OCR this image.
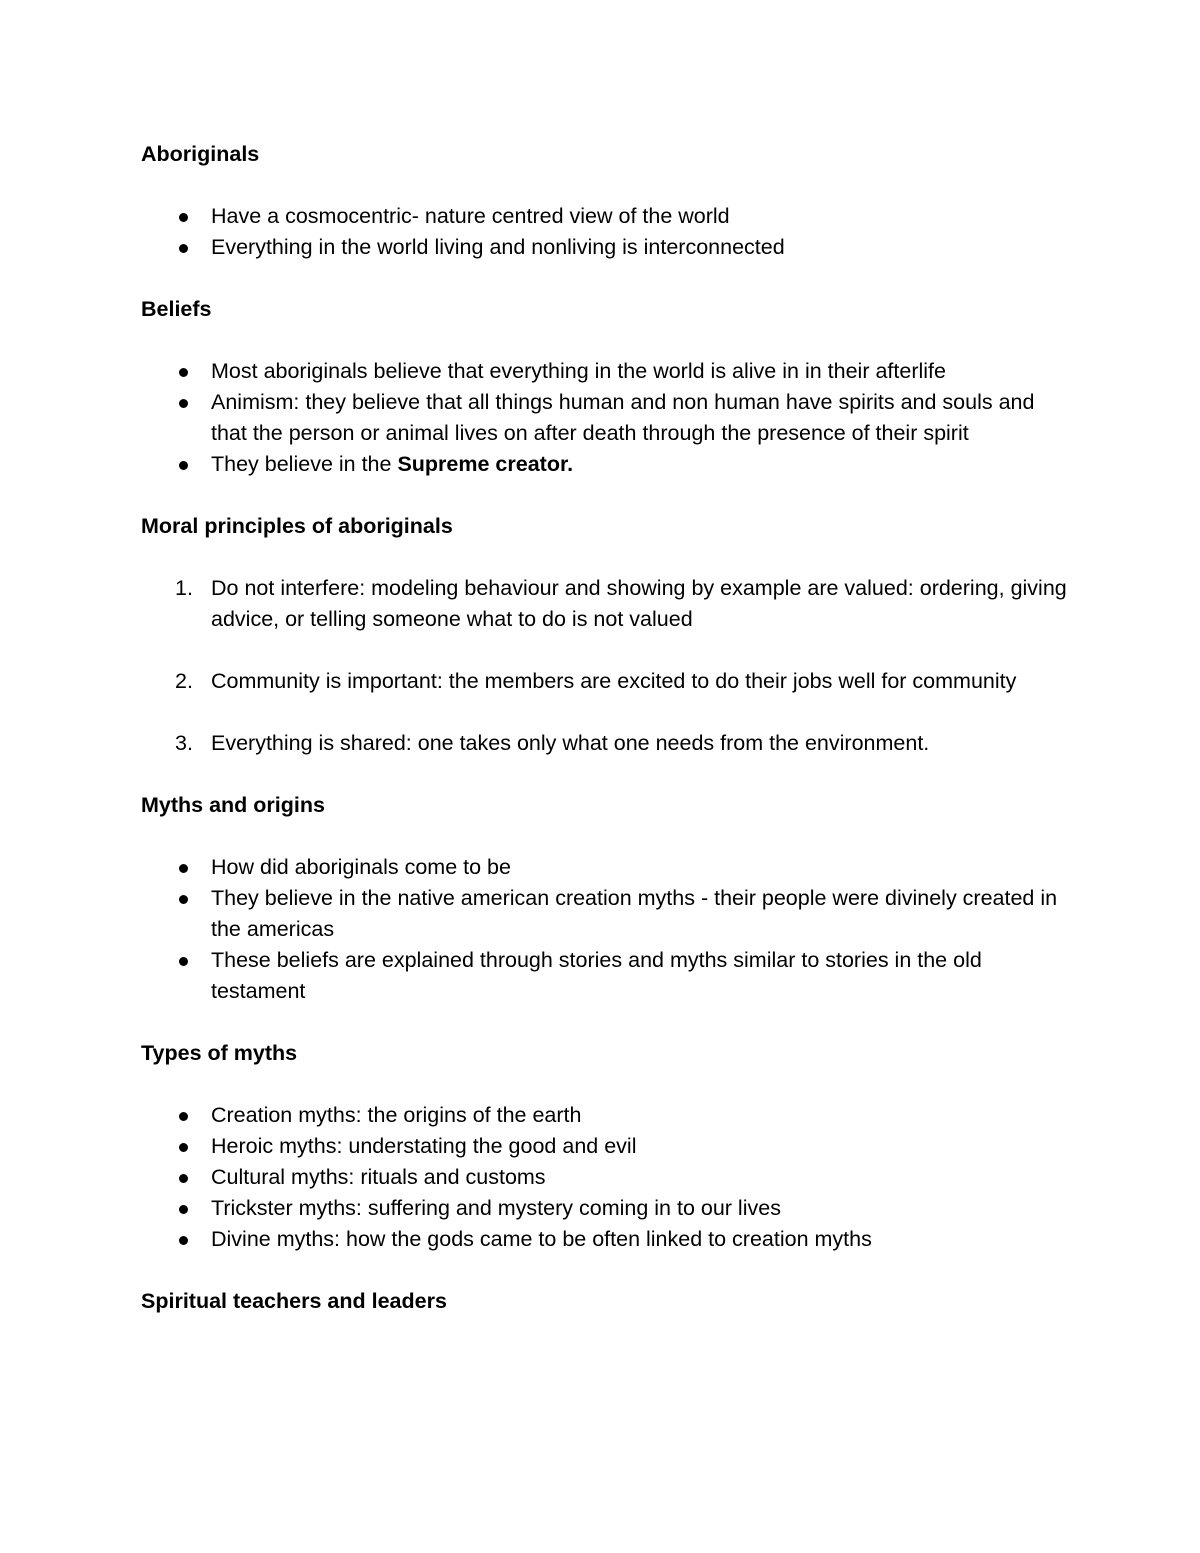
Aboriginals
Have a cosmocentric- nature centred view of the world
Everything in the world living and nonliving is interconnected
Beliefs
Most aboriginals believe that everything in the world is alive in in their afterlife
Animism: they believe that all things human and non human have spirits and souls and that the person or animal lives on after death through the presence of their spirit
They believe in the Supreme creator.
Moral principles of aboriginals
1. Do not interfere: modeling behaviour and showing by example are valued: ordering, giving advice, or telling someone what to do is not valued
2. Community is important: the members are excited to do their jobs well for community
3. Everything is shared: one takes only what one needs from the environment.
Myths and origins
How did aboriginals come to be
They believe in the native american creation myths - their people were divinely created in the americas
These beliefs are explained through stories and myths similar to stories in the old testament
Types of myths
Creation myths: the origins of the earth
Heroic myths: understating the good and evil
Cultural myths: rituals and customs
Trickster myths: suffering and mystery coming in to our lives
Divine myths: how the gods came to be often linked to creation myths
Spiritual teachers and leaders
